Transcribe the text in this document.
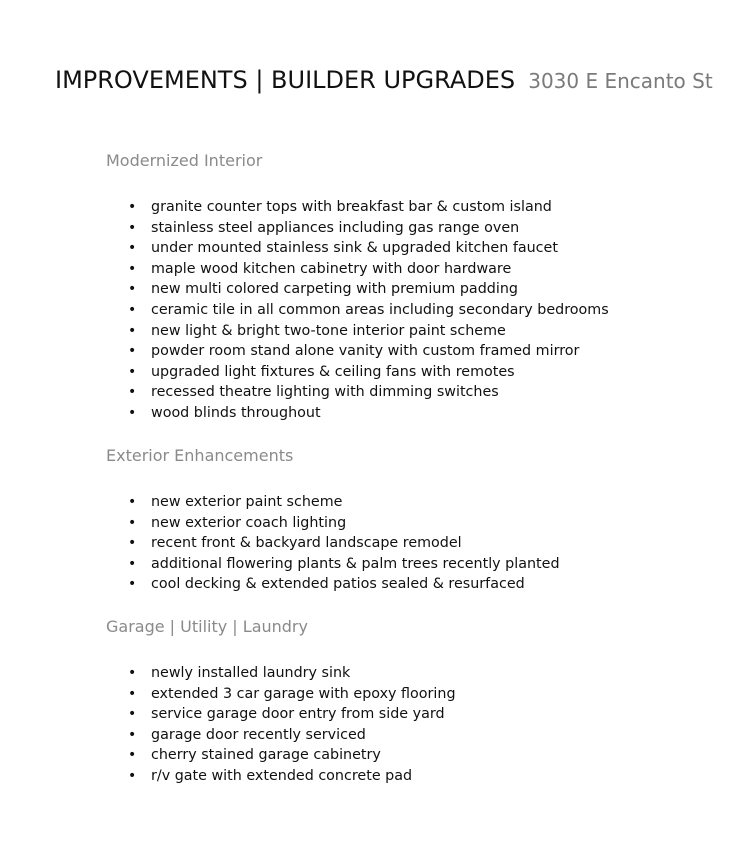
IMPROVEMENTS | BUILDER UPGRADES 3030 E Encanto St
Modernized Interior
• granite counter tops with breakfast bar & custom island
• stainless steel appliances including gas range oven
• under mounted stainless sink & upgraded kitchen faucet
• maple wood kitchen cabinetry with door hardware
• new multi colored carpeting with premium padding
• ceramic tile in all common areas including secondary bedrooms
• new light & bright two-tone interior paint scheme
• powder room stand alone vanity with custom framed mirror
• upgraded light fixtures & ceiling fans with remotes
• recessed theatre lighting with dimming switches
• wood blinds throughout
Exterior Enhancements
• new exterior paint scheme
• new exterior coach lighting
• recent front & backyard landscape remodel
• additional flowering plants & palm trees recently planted
• cool decking & extended patios sealed & resurfaced
Garage | Utility | Laundry
• newly installed laundry sink
• extended 3 car garage with epoxy flooring
• service garage door entry from side yard
• garage door recently serviced
• cherry stained garage cabinetry
• r/v gate with extended concrete pad
